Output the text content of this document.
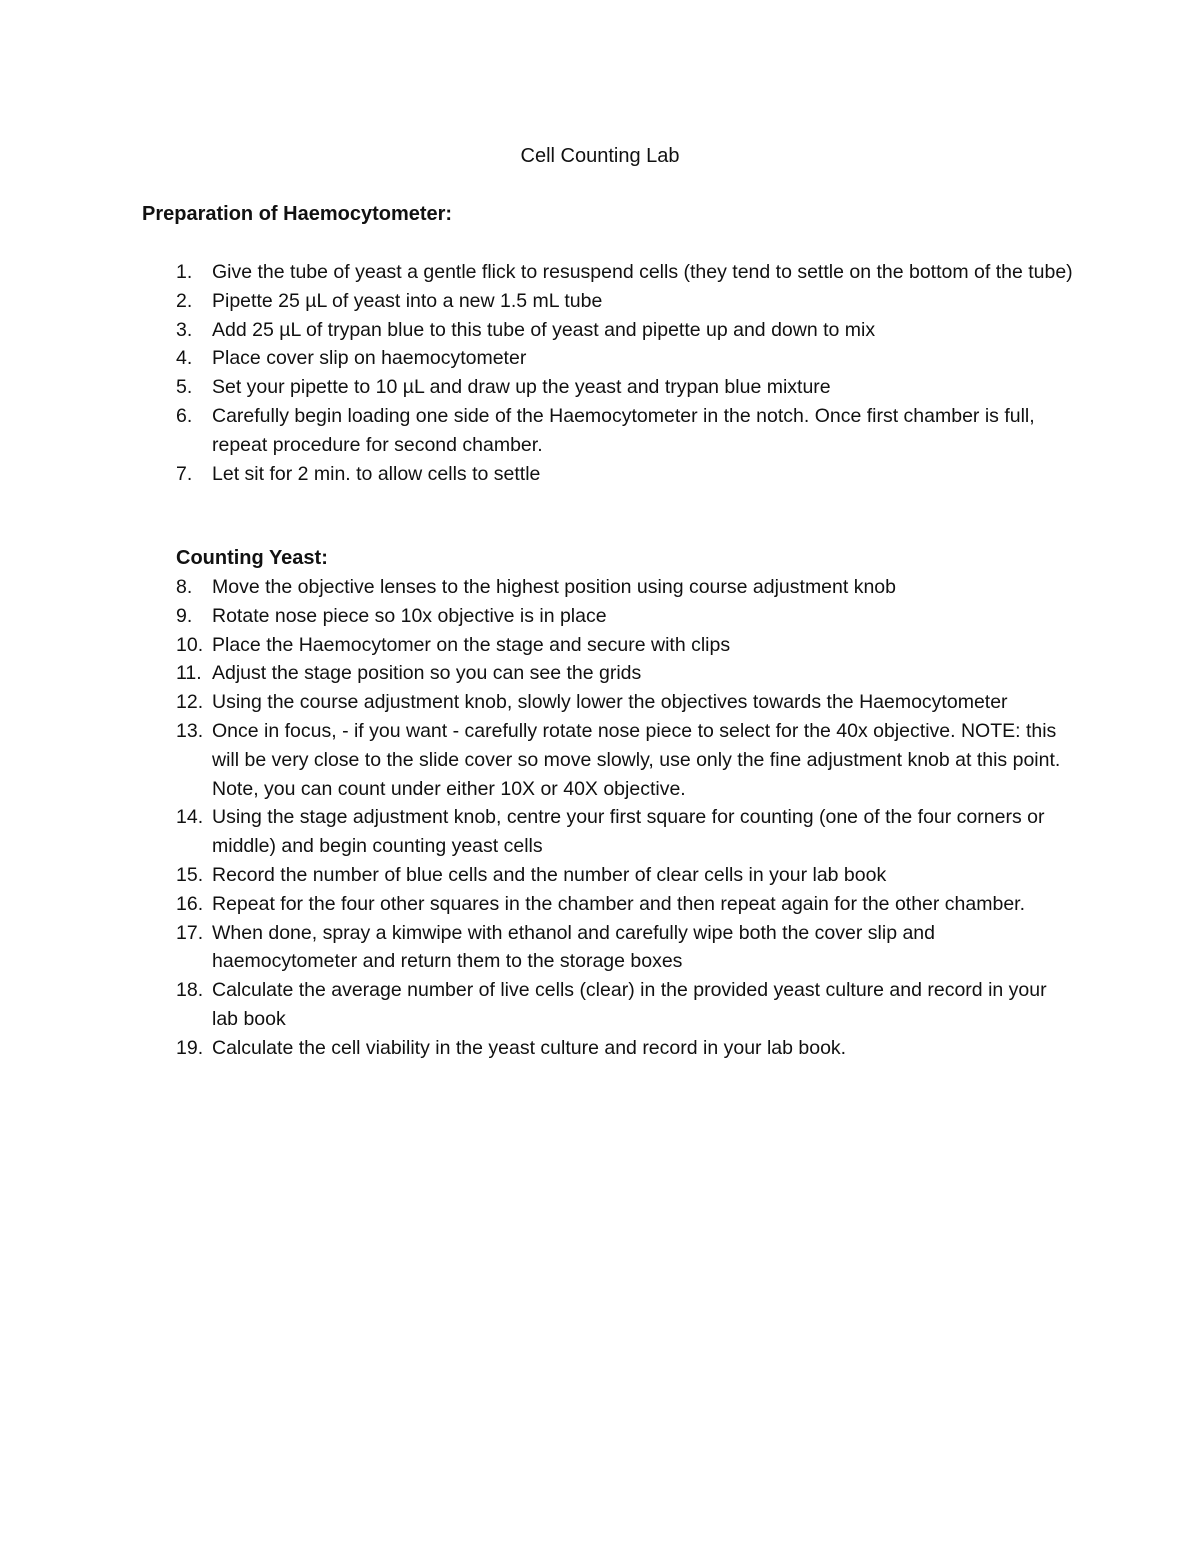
Cell Counting Lab
Preparation of Haemocytometer:
1. Give the tube of yeast a gentle flick to resuspend cells (they tend to settle on the bottom of the tube)
2. Pipette 25 µL of yeast into a new 1.5 mL tube
3. Add 25 µL of trypan blue to this tube of yeast and pipette up and down to mix
4. Place cover slip on haemocytometer
5. Set your pipette to 10 µL and draw up the yeast and trypan blue mixture
6. Carefully begin loading one side of the Haemocytometer in the notch. Once first chamber is full, repeat procedure for second chamber.
7. Let sit for 2 min. to allow cells to settle
Counting Yeast:
8. Move the objective lenses to the highest position using course adjustment knob
9. Rotate nose piece so 10x objective is in place
10. Place the Haemocytomer on the stage and secure with clips
11. Adjust the stage position so you can see the grids
12. Using the course adjustment knob, slowly lower the objectives towards the Haemocytometer
13. Once in focus, - if you want - carefully rotate nose piece to select for the 40x objective. NOTE: this will be very close to the slide cover so move slowly, use only the fine adjustment knob at this point. Note, you can count under either 10X or 40X objective.
14. Using the stage adjustment knob, centre your first square for counting (one of the four corners or middle) and begin counting yeast cells
15. Record the number of blue cells and the number of clear cells in your lab book
16. Repeat for the four other squares in the chamber and then repeat again for the other chamber.
17. When done, spray a kimwipe with ethanol and carefully wipe both the cover slip and haemocytometer and return them to the storage boxes
18. Calculate the average number of live cells (clear) in the provided yeast culture and record in your lab book
19. Calculate the cell viability in the yeast culture and record in your lab book.
